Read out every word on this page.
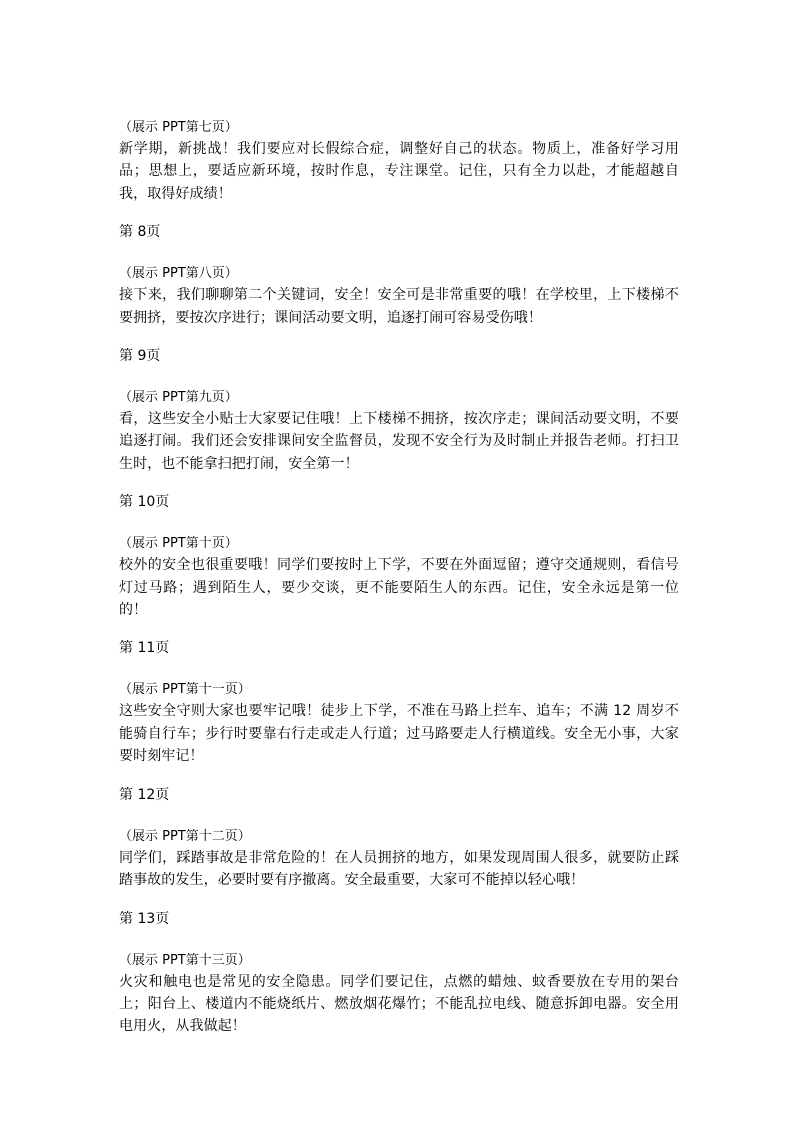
（展示 PPT第七页）

新学期，新挑战！我们要应对长假综合症，调整好自己的状态。物质上，准备好学习用品；思想上，要适应新环境，按时作息，专注课堂。记住，只有全力以赴，才能超越自我，取得好成绩！

第 8页
（展示 PPT第八页）

接下来，我们聊聊第二个关键词，安全！安全可是非常重要的哦！在学校里，上下楼梯不要拥挤，要按次序进行；课间活动要文明，追逐打闹可容易受伤哦！

第 9页
（展示 PPT第九页）

看，这些安全小贴士大家要记住哦！上下楼梯不拥挤，按次序走；课间活动要文明，不要追逐打闹。我们还会安排课间安全监督员，发现不安全行为及时制止并报告老师。打扫卫生时，也不能拿扫把打闹，安全第一！

第 10页
（展示 PPT第十页）

校外的安全也很重要哦！同学们要按时上下学，不要在外面逗留；遵守交通规则，看信号灯过马路；遇到陌生人，要少交谈，更不能要陌生人的东西。记住，安全永远是第一位的！

第 11页
（展示 PPT第十一页）

这些安全守则大家也要牢记哦！徒步上下学，不准在马路上拦车、追车；不满 12 周岁不能骑自行车；步行时要靠右行走或走人行道；过马路要走人行横道线。安全无小事，大家要时刻牢记！

第 12页
（展示 PPT第十二页）

同学们，踩踏事故是非常危险的！在人员拥挤的地方，如果发现周围人很多，就要防止踩踏事故的发生，必要时要有序撤离。安全最重要，大家可不能掉以轻心哦！

第 13页
（展示 PPT第十三页）

火灾和触电也是常见的安全隐患。同学们要记住，点燃的蜡烛、蚊香要放在专用的架台上；阳台上、楼道内不能烧纸片、燃放烟花爆竹；不能乱拉电线、随意拆卸电器。安全用电用火，从我做起！
